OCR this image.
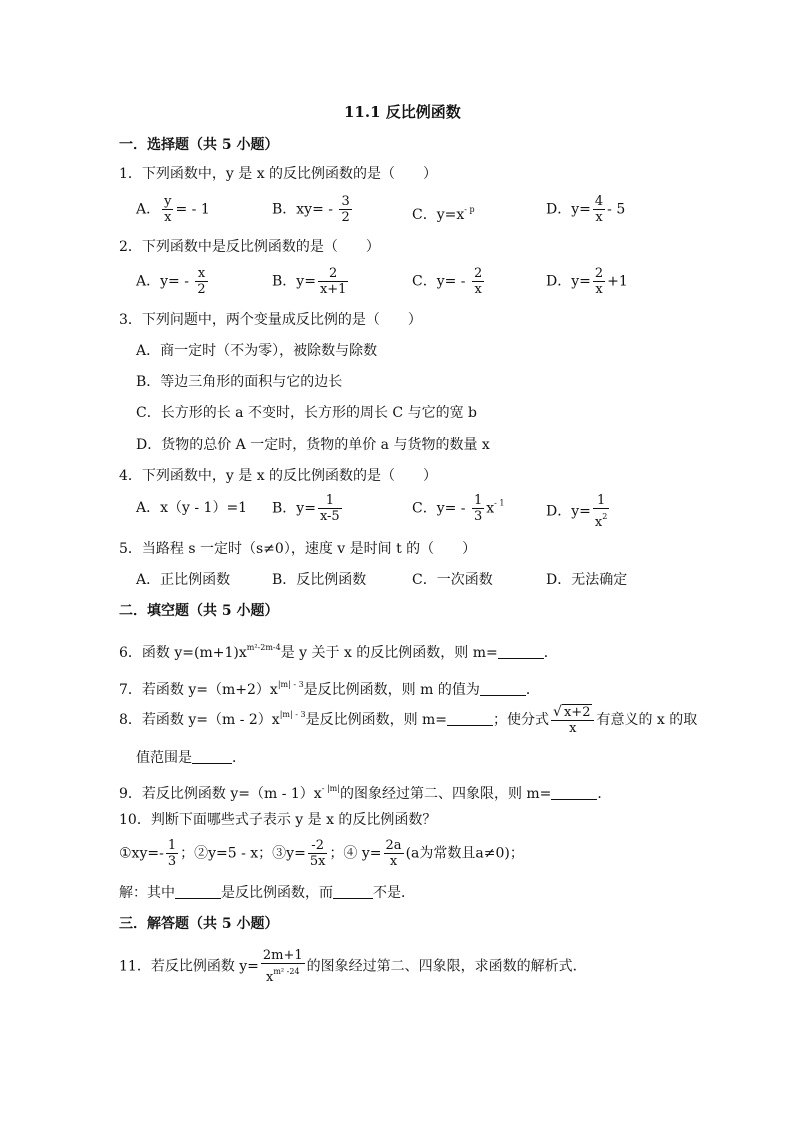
11.1 反比例函数
一．选择题（共 5 小题）
1．下列函数中，y 是 x 的反比例函数的是（　　）
A． $\frac{y}{x}$ = - 1	B．$xy= - \frac{3}{2}$	C．$y=x^{- p}$	D．$y= \frac{4}{x} - 5$
2．下列函数中是反比例函数的是（　　）
A．$y= - \frac{x}{2}$	B．$y= \frac{2}{x+1}$	C．$y= - \frac{2}{x}$	D．$y= \frac{2}{x} +1$
3．下列问题中，两个变量成反比例的是（　　）
A．商一定时（不为零），被除数与除数
B．等边三角形的面积与它的边长
C．长方形的长 a 不变时，长方形的周长 C 与它的宽 b
D．货物的总价 A 一定时，货物的单价 a 与货物的数量 x
4．下列函数中，y 是 x 的反比例函数的是（　　）
A．x（y - 1）=1 B．$y= \frac{1}{x-5}$	C．$y= - \frac{1}{3} x^{- 1}$
D．$y= \frac{1}{x^2}$
5．当路程 s 一定时（s≠0），速度 v 是时间 t 的（　　）
A．正比例函数	B．反比例函数	C．一次函数	D．无法确定
二．填空题（共 5 小题）
6．函数 $y=(m+1)x^{m^2-2m-4}$是 y 关于 x 的反比例函数，则 m=	．
7．若函数 $y=(m+2)x^{|m| - 3}$是反比例函数，则 m 的值为	．
8．若函数 $y=(m - 2)x^{|m| - 3}$是反比例函数，则 m=	；使分式 $\frac{√ x+2}{x}$ 有意义的 x 的取
值范围是	．
9．若反比例函数 $y=(m - 1)x^{- |m|}$的图象经过第二、四象限，则 m=	．
10．判断下面哪些式子表示 y 是 x 的反比例函数？
①xy=- $\frac{1}{3}$ ；②y=5 - x；③y= $\frac{-2}{5x}$ ；④ $y= \frac{2a}{x} (a$为常数且a≠0)；
解：其中	是反比例函数，而	不是．
三．解答题（共 5 小题）
11．若反比例函数 $y= \frac{2m+1}{x^{m^2 -24}}$ 的图象经过第二、四象限，求函数的解析式．
